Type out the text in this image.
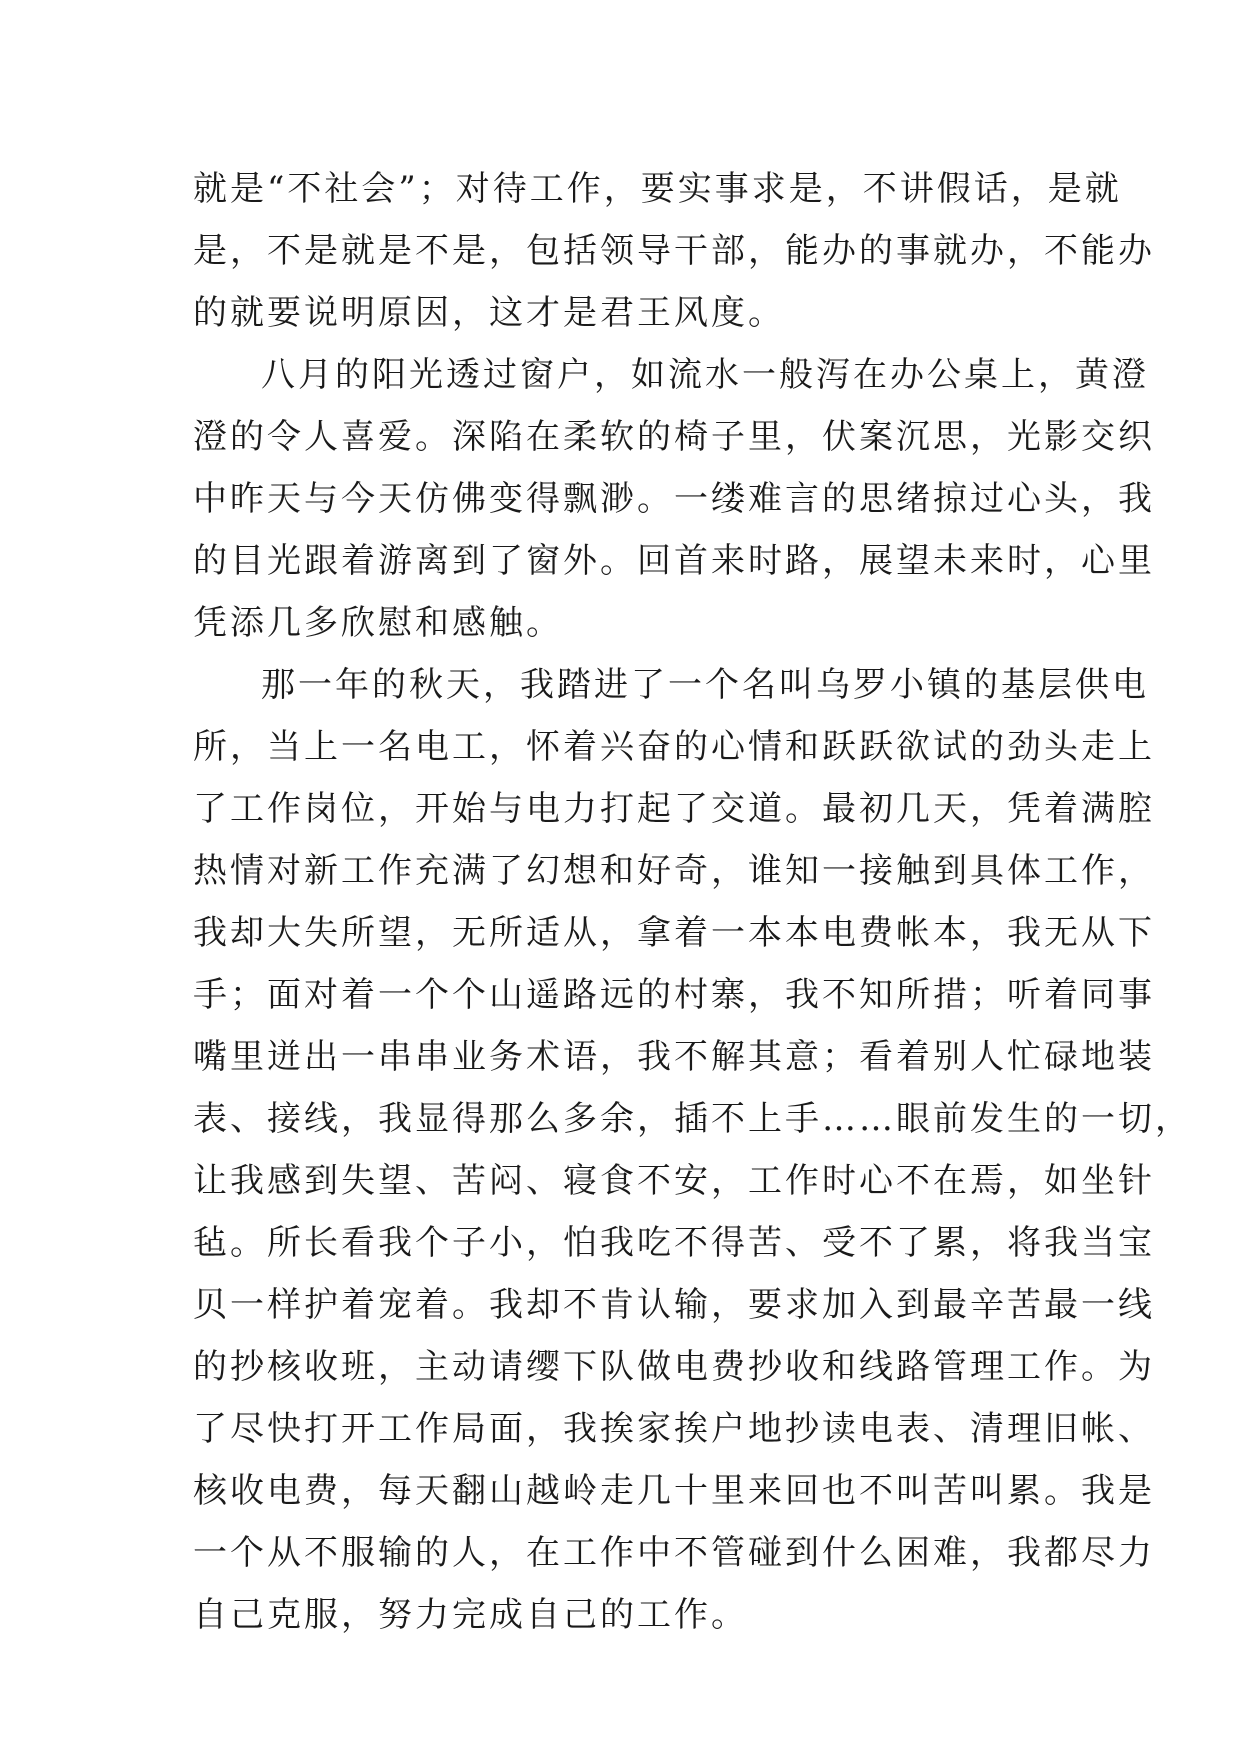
就是“不社会”；对待工作，要实事求是，不讲假话，是就
是，不是就是不是，包括领导干部，能办的事就办，不能办
的就要说明原因，这才是君王风度。
八月的阳光透过窗户，如流水一般泻在办公桌上，黄澄
澄的令人喜爱。深陷在柔软的椅子里，伏案沉思，光影交织
中昨天与今天仿佛变得飘渺。一缕难言的思绪掠过心头，我
的目光跟着游离到了窗外。回首来时路，展望未来时，心里
凭添几多欣慰和感触。
那一年的秋天，我踏进了一个名叫乌罗小镇的基层供电
所，当上一名电工，怀着兴奋的心情和跃跃欲试的劲头走上
了工作岗位，开始与电力打起了交道。最初几天，凭着满腔
热情对新工作充满了幻想和好奇，谁知一接触到具体工作，
我却大失所望，无所适从，拿着一本本电费帐本，我无从下
手；面对着一个个山遥路远的村寨，我不知所措；听着同事
嘴里迸出一串串业务术语，我不解其意；看着别人忙碌地装
表、接线，我显得那么多余，插不上手……眼前发生的一切，
让我感到失望、苦闷、寝食不安，工作时心不在焉，如坐针
毡。所长看我个子小，怕我吃不得苦、受不了累，将我当宝
贝一样护着宠着。我却不肯认输，要求加入到最辛苦最一线
的抄核收班，主动请缨下队做电费抄收和线路管理工作。为
了尽快打开工作局面，我挨家挨户地抄读电表、清理旧帐、
核收电费，每天翻山越岭走几十里来回也不叫苦叫累。我是
一个从不服输的人，在工作中不管碰到什么困难，我都尽力
自己克服，努力完成自己的工作。
